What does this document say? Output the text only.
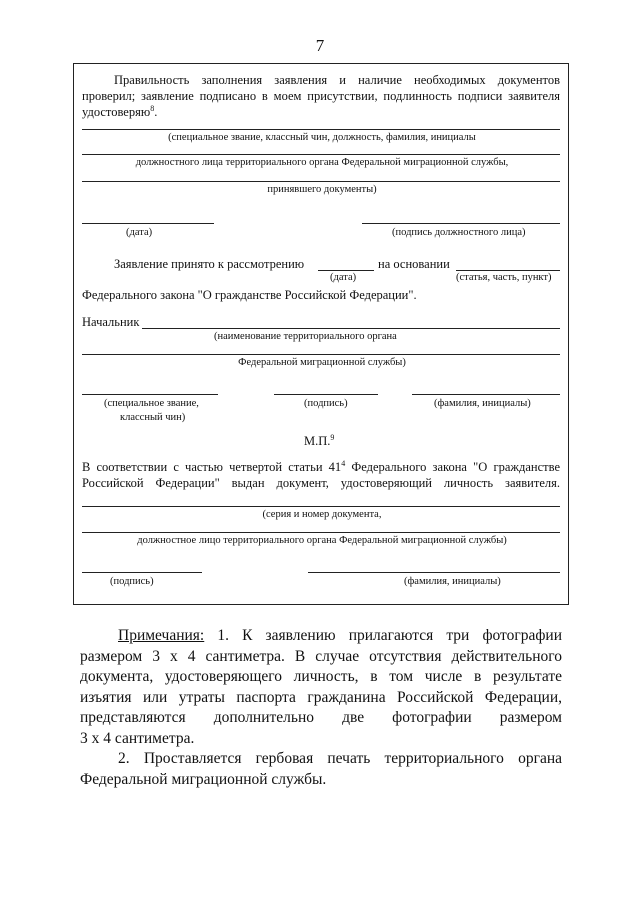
7
Правильность заполнения заявления и наличие необходимых документов
проверил; заявление подписано в моем присутствии, подлинность подписи заявителя
удостоверяю$^8$.
(специальное звание, классный чин, должность, фамилия, инициалы
должностного лица территориального органа Федеральной миграционной службы,
принявшего документы)
(дата)	(подпись должностного лица)
Заявление принято к рассмотрению	на основании
(дата)	(статья, часть, пункт)
Федерального закона "О гражданстве Российской Федерации".
Начальник
(наименование территориального органа
Федеральной миграционной службы)
(специальное звание,
классный чин)
(подпись)	(фамилия, инициалы)
М.П.$^9$
В соответствии с частью четвертой статьи $41^4$ Федерального закона "О гражданстве
Российской Федерации" выдан документ, удостоверяющий личность заявителя.
(серия и номер документа,
должностное лицо территориального органа Федеральной миграционной службы)
(подпись)	(фамилия, инициалы)
Примечания: 1. К заявлению прилагаются три фотографии
размером 3 х 4 сантиметра. В случае отсутствия действительного
документа, удостоверяющего личность, в том числе в результате
изъятия или утраты паспорта гражданина Российской Федерации,
представляются дополнительно две фотографии размером
3 х 4 сантиметра.
2. Проставляется гербовая печать территориального органа
Федеральной миграционной службы.
